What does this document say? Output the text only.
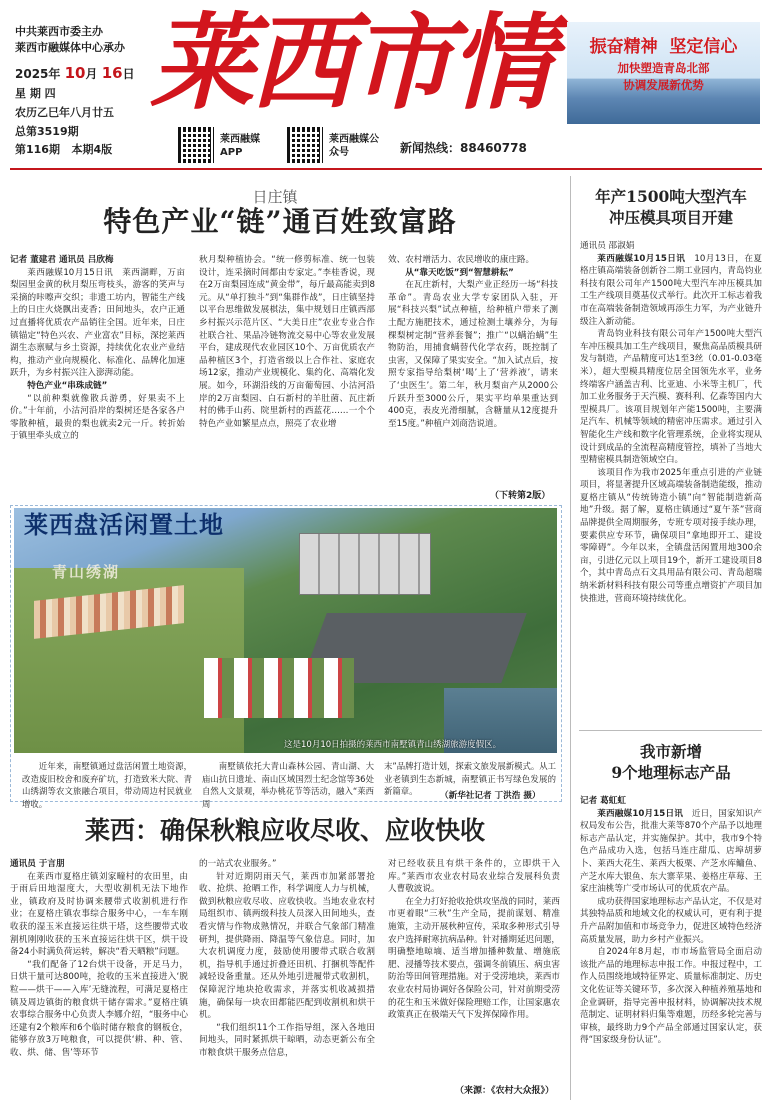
中共莱西市委主办
莱西市融媒体中心承办
2025年 10月 16日
星 期 四
农历乙巳年八月廿五
总第3519期
第116期   本期4版
莱西市情
莱西融媒APP
莱西融媒公众号	新闻热线：88460778
振奋精神  坚定信心
加快塑造青岛北部
协调发展新优势
日庄镇
特色产业“链”通百姓致富路

记者 董建君 通讯员 吕欣梅

莱西融媒10月15日讯　莱西湖畔，万亩梨园里金黄的秋月梨压弯枝头，游客的笑声与采摘的咔嚓声交织；非遗工坊内，智能生产线上的日庄火烧飘出麦香；田间地头，农户正通过直播将优质农产品销往全国。近年来，日庄镇锚定“特色兴农、产业富农”目标，深挖莱西湖生态禀赋与乡土资源，持续优化农业产业结构，推动产业向规模化、标准化、品牌化加速跃升，为乡村振兴注入澎湃动能。

特色产业“串珠成链”

“以前种梨就像散兵游勇，好果卖不上价。”十年前，小沽河沿岸的梨树还是各家各户零散种植，最贵的梨也就卖2元一斤。转折始于镇里牵头成立的

秋月梨种植协会。“统一修剪标准、统一包装设计，连采摘时间都由专家定。”李桂香说，现在2万亩梨园连成“黄金带”，每斤最高能卖到8元。从“单打独斗”到“集群作战”，日庄镇坚持以平台思维做发展棋法，集中规划日庄镇西部乡村振兴示范片区、“大美日庄”农业专业合作社联合社、果品冷链物流交易中心等农业发展平台，建成现代农业园区10个、万亩优质农产品种植区3个，打造省级以上合作社、家庭农场12家，推动产业规模化、集约化、高端化发展。如今，环湖沿线的万亩葡萄园、小沽河沿岸的2万亩梨园、白石新村的羊肚菌、瓦庄新村的佛手山药、院里新村的西蓝花……一个个特色产业如繁星点点，照亮了农业增

效、农村增活力、农民增收的康庄路。

从“靠天吃饭”到“智慧耕耘”

在瓦庄新村，大梨产业正经历一场“科技革命”。青岛农业大学专家团队入驻，开展“科技兴梨”试点种植，给种植户带来了测土配方施肥技术，通过检测土壤养分，为每棵梨树定制“营养套餐”；推广“以螨治螨”生物防治，用捕食螨替代化学农药，既控制了虫害，又保障了果实安全。“加入试点后，按照专家指导给梨树‘喝’上了‘营养液’，请来了‘虫医生’。第二年，秋月梨亩产从2000公斤跃升至3000公斤，果实平均单果重达到400克，表皮光滑细腻，含糖量从12度提升至15度。”种植户刘商浩说道。

（下转第2版）
青山绣湖
这是10月10日拍摄的莱西市南墅镇青山绣湖旅游度假区。
莱西盘活闲置土地

近年来，南墅镇通过盘活闲置土地资源，改造废旧校舍和废弃矿坑，打造致米大院、青山绣湖等农文旅融合项目，带动周边村民就业增收。

南墅镇依托大青山森林公园、青山湖、大庙山抗日遗址、南山区域国烈士纪念馆等36处自然人文景观，举办桃花节等活动，融入“莱西周

末”品牌打造计划，探索文旅发展新模式。从工业老镇到生态新城，南墅镇正书写绿色发展的新篇章。	（新华社记者 丁洪浩 摄）
莱西：确保秋粮应收尽收、应收快收

通讯员 于言朋

在莱西市夏格庄镇刘家疃村的农田里，由于雨后田地湿度大，大型收割机无法下地作业，镇政府及时协调来腰带式收割机进行作业；在夏格庄镇农事综合服务中心，一车车刚收获的湿玉米直接运往烘干塔，这些腰带式收割机刚刚收获的玉米直接运往烘干区，烘干设备24小时满负荷运转，解决“看天晒粮”问题。

“我们配备了12台烘干设备，开足马力，日烘干量可达800吨，抢收的玉米直接进入‘脱粒——烘干——入库’无缝流程，可满足夏格庄镇及周边镇街的粮食烘干储存需求。”夏格庄镇农事综合服务中心负责人李娜介绍，“服务中心还建有2个粮库和6个临时储存粮食的钢板仓，能够存放3万吨粮食，可以提供‘耕、种、管、收、烘、储、售’等环节

的一站式农业服务。”

针对近期阴雨天气，莱西市加紧部署抢收、抢烘、抢晒工作，科学调度人力与机械，做到秋粮应收尽收、应收快收。当地农业农村局组织市、镇两级科技人员深入田间地头，查看灾情与作物成熟情况，并联合气象部门精准研判，提供降雨、降温等气象信息。同时，加大农机调度力度，鼓励使用腰带式联合收割机，指导机手通过折叠还田机、打捆机等配件减轻设备重量。还从外地引进履带式收割机，保障泥泞地块抢收需求，并落实机收减损措施，确保每一块农田都能匹配到收割机和烘干机。

“我们组织11个工作指导组，深入各地田间地头，同时紧抓烘干晾晒，动态更新公布全市粮食烘干服务点信息，

对已经收获且有烘干条件的，立即烘干入库。”莱西市农业农村局农业综合发展科负责人曹敬波说。

在全力打好抢收抢烘攻坚战的同时，莱西市更着眼“三秋”生产全局，提前谋划、精准施策，主动开展秋种宣传，采取多种形式引导农户选择耐寒抗病品种。针对播期延迟问题，明确整地晾墒、适当增加播种数量、增施底肥、浸播等技术要点，强调冬前镇压、病虫害防治等田间管理措施。对于受涝地块，莱西市农业农村局协调好各保险公司，针对前期受涝的花生和玉米做好保险理赔工作，让国家惠农政策真正在极端天气下发挥保障作用。

（来源：《农村大众报》）
年产1500吨大型汽车
冲压模具项目开建

通讯员 邵淑娟

莱西融媒10月15日讯　 10月13日，在夏格庄镇高端装备创新谷二期工业园内，青岛钧业科技有限公司年产1500吨大型汽车冲压模具加工生产线项目奠基仪式举行。此次开工标志着我市在高端装备制造领域再添生力军，为产业链升级注入新动能。

青岛钧业科技有限公司年产1500吨大型汽车冲压模具加工生产线项目，聚焦高品质模具研发与制造，产品精度可达1至3丝（0.01-0.03毫米），超大型模具精度位居全国领先水平，业务终端客户涵盖吉利、比亚迪、小米等主机厂，代加工业务服务于天汽模、赛科利、亿森等国内大型模具厂。该项目规划年产能1500吨，主要满足汽车、机械等领域的精密冲压需求。通过引入智能化生产线和数字化管理系统，企业将实现从设计到成品的全流程高精度管控，填补了当地大型精密模具制造领域空白。

该项目作为我市2025年重点引进的产业链项目，将显著提升区域高端装备制造能级，推动夏格庄镇从“传统铸造小镇”向“智能制造新高地”升级。据了解，夏格庄镇通过“夏午茶”营商品牌提供全周期服务，专班专项对接手续办理，要素供应专环节，确保项目“拿地即开工、建设零障碍”。今年以来，全镇盘活闲置用地300余亩，引进亿元以上项目19个，新开工建设项目8个，其中青岛点石文具用品有限公司、青岛超瑞纳米新材料科技有限公司等重点增资扩产项目加快推进，营商环境持续优化。

我市新增
9个地理标志产品

记者 葛虹虹

莱西融媒10月15日讯　 近日，国家知识产权局发布公告，批准大莱等870个产品予以地理标志产品认定，并实施保护。其中，我市9个特色产品成功入选，包括马连庄甜瓜、店埠胡萝卜、莱西大花生、莱西大板栗、产芝水库鳙鱼、产芝水库大银鱼、东大寨苹果、姜格庄草莓、王家庄油桃等广受市场认可的优质农产品。

成功获得国家地理标志产品认定，不仅是对其独特品质和地域文化的权威认可，更有利于提升产品附加值和市场竞争力，促进区域特色经济高质量发展，助力乡村产业振兴。

自2024年8月起，市市场监管局全面启动该批产品的地理标志申报工作。申报过程中，工作人员围绕地域特征界定、质量标准制定、历史文化佐证等关键环节，多次深入种植养殖基地和企业调研，指导完善申报材料，协调解决技术规范制定、证明材料归集等难题，历经多轮完善与审核，最终助力9个产品全部通过国家认定，获得“国家级身份认证”。
